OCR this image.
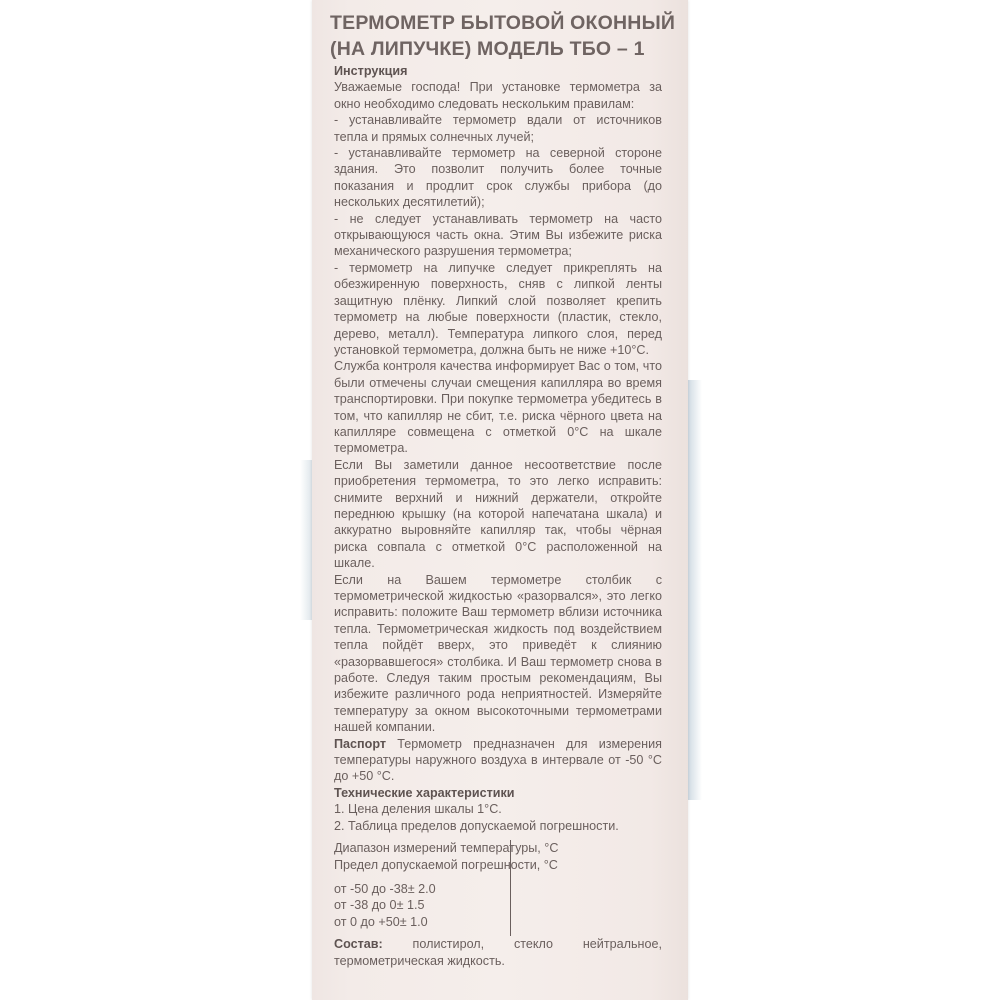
ТЕРМОМЕТР БЫТОВОЙ ОКОННЫЙ
(НА ЛИПУЧКЕ) МОДЕЛЬ ТБО – 1

Инструкция

Уважаемые господа! При установке термометра за окно необходимо следовать нескольким правилам:

- устанавливайте термометр вдали от источников тепла и прямых солнечных лучей;

- устанавливайте термометр на северной стороне здания. Это позволит получить более точные показания и продлит срок службы прибора (до нескольких десятилетий);

- не следует устанавливать термометр на часто открывающуюся часть окна. Этим Вы избежите риска механического разрушения термометра;

- термометр на липучке следует прикреплять на обезжиренную поверхность, сняв с липкой ленты защитную плёнку. Липкий слой позволяет крепить термометр на любые поверхности (пластик, стекло, дерево, металл). Температура липкого слоя, перед установкой термометра, должна быть не ниже +10°С.

Служба контроля качества информирует Вас о том, что были отмечены случаи смещения капилляра во время транспортировки. При покупке термометра убедитесь в том, что капилляр не сбит, т.е. риска чёрного цвета на капилляре совмещена с отметкой 0°С на шкале термометра.

Если Вы заметили данное несоответствие после приобретения термометра, то это легко исправить: снимите верхний и нижний держатели, откройте переднюю крышку (на которой напечатана шкала) и аккуратно выровняйте капилляр так, чтобы чёрная риска совпала с отметкой 0°С расположенной на шкале.

Если на Вашем термометре столбик с термометрической жидкостью «разорвался», это легко исправить: положите Ваш термометр вблизи источника тепла. Термометрическая жидкость под воздействием тепла пойдёт вверх, это приведёт к слиянию «разорвавшегося» столбика. И Ваш термометр снова в работе. Следуя таким простым рекомендациям, Вы избежите различного рода неприятностей. Измеряйте температуру за окном высокоточными термометрами нашей компании.

Паспорт Термометр предназначен для измерения температуры наружного воздуха в интервале от -50 °С до +50 °С.

Технические характеристики

1. Цена деления шкалы 1°С.

2. Таблица пределов допускаемой погрешности.

Диапазон измерений температуры, °С
Предел допускаемой погрешности, °С
от -50 до -38 ± 2.0
от -38 до 0 ± 1.5
от 0 до +50 ± 1.0

Состав: полистирол, стекло нейтральное, термометрическая жидкость.
